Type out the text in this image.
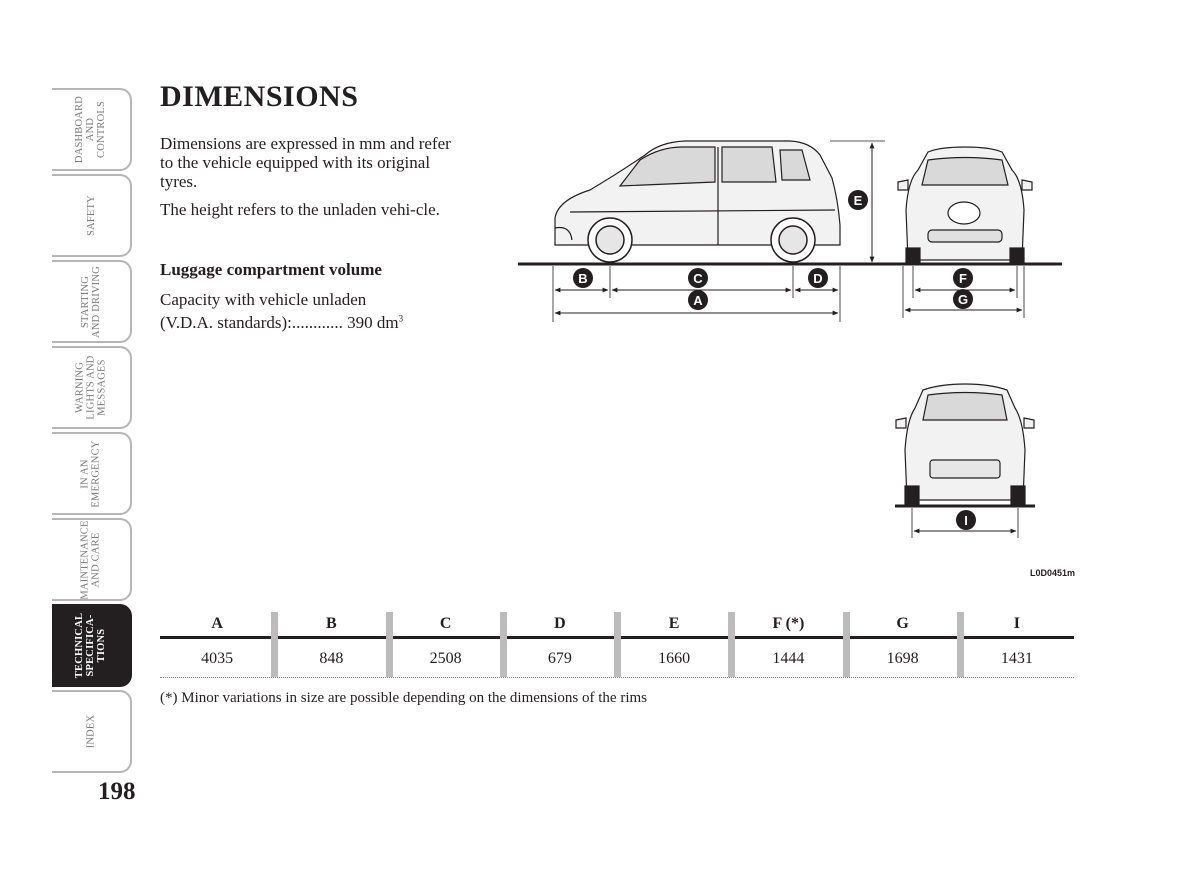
DASHBOARD
AND
CONTROLS
SAFETY
STARTING
AND DRIVING
WARNING
LIGHTS AND
MESSAGES
IN AN
EMERGENCY
MAINTENANCE
AND CARE
TECHNICAL
SPECIFICA-
TIONS
INDEX
198
DIMENSIONS

Dimensions are expressed in mm and refer to the vehicle equipped with its original tyres.

The height refers to the unladen vehi-cle.

Luggage compartment volume

Capacity with vehicle unladen
(V.D.A. standards):............ 390 $dm^3$

E
B	C	D
A
F
G
I
L0D0451m
A	B	C	D	E	F (*)	G	I
4035	848	2508	679	1660	1444	1698	1431

(*) Minor variations in size are possible depending on the dimensions of the rims
